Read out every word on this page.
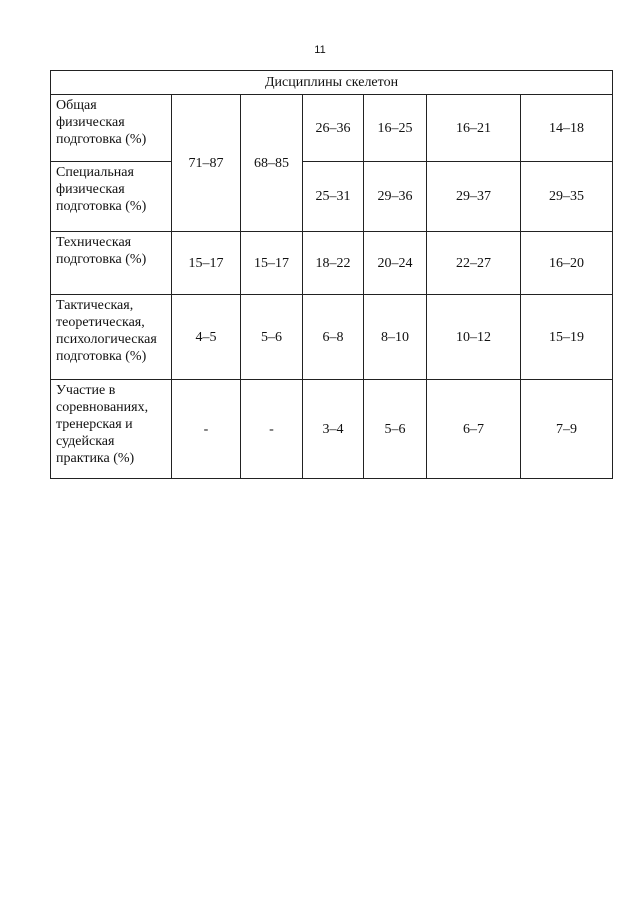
11
Дисциплины скелетон						
Общая физическая подготовка (%)	71–87	68–85	26–36	16–25	16–21	14–18
Специальная физическая подготовка (%)			25–31	29–36	29–37	29–35
Техническая подготовка (%)	15–17	15–17	18–22	20–24	22–27	16–20
Тактическая, теоретическая, психологическая подготовка (%)	4–5	5–6	6–8	8–10	10–12	15–19
Участие в соревнованиях, тренерская и судейская практика (%)	-	-	3–4	5–6	6–7	7–9
